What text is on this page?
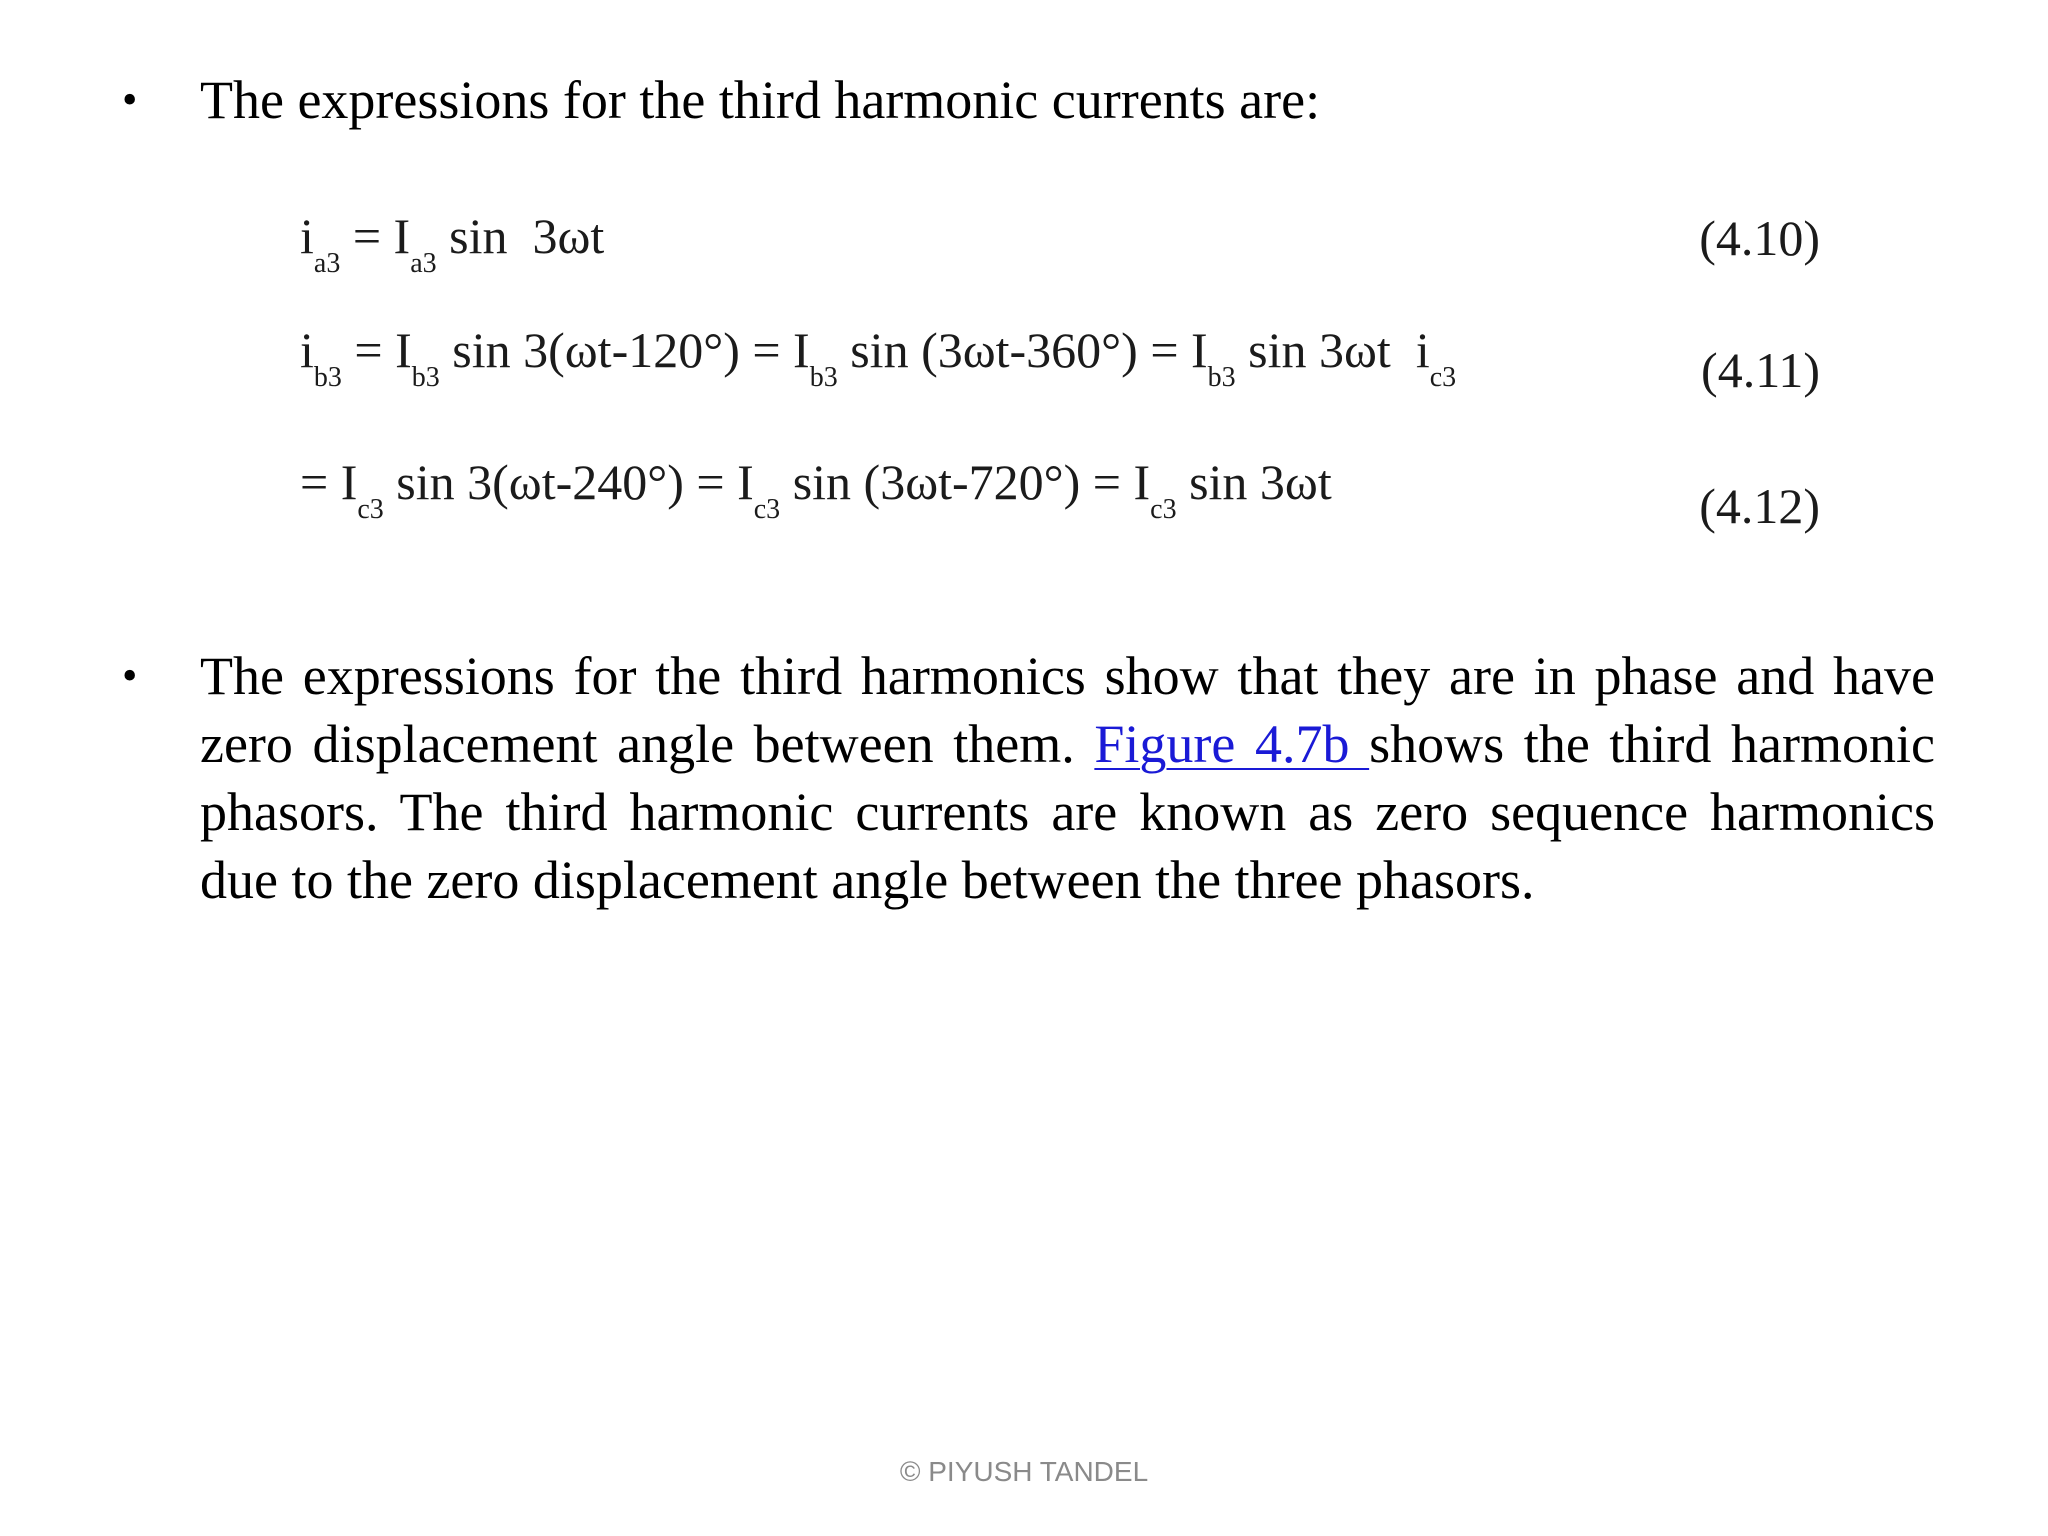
• The expressions for the third harmonic currents are:
$i_{a3} = I_{a3}$ sin  3ωt	(4.10)
$i_{b3} = I_{b3}$ $\sin 3(\omega t-120^\circ) = I_{b3}$ $\sin (3\omega t-360^\circ) = I_{b3}$ sin 3ωt  $i_{c3}$	(4.11)
= $I_{c3}$ $\sin 3(\omega t-240^\circ) = I_{c3}$ $\sin (3\omega t-720^\circ) = I_{c3}$ sin 3ωt	(4.12)
• The expressions for the third harmonics show that they are in phase and have zero displacement angle between them. Figure 4.7b shows the third harmonic phasors. The third harmonic currents are known as zero sequence harmonics due to the zero displacement angle between the three phasors.
© PIYUSH TANDEL
